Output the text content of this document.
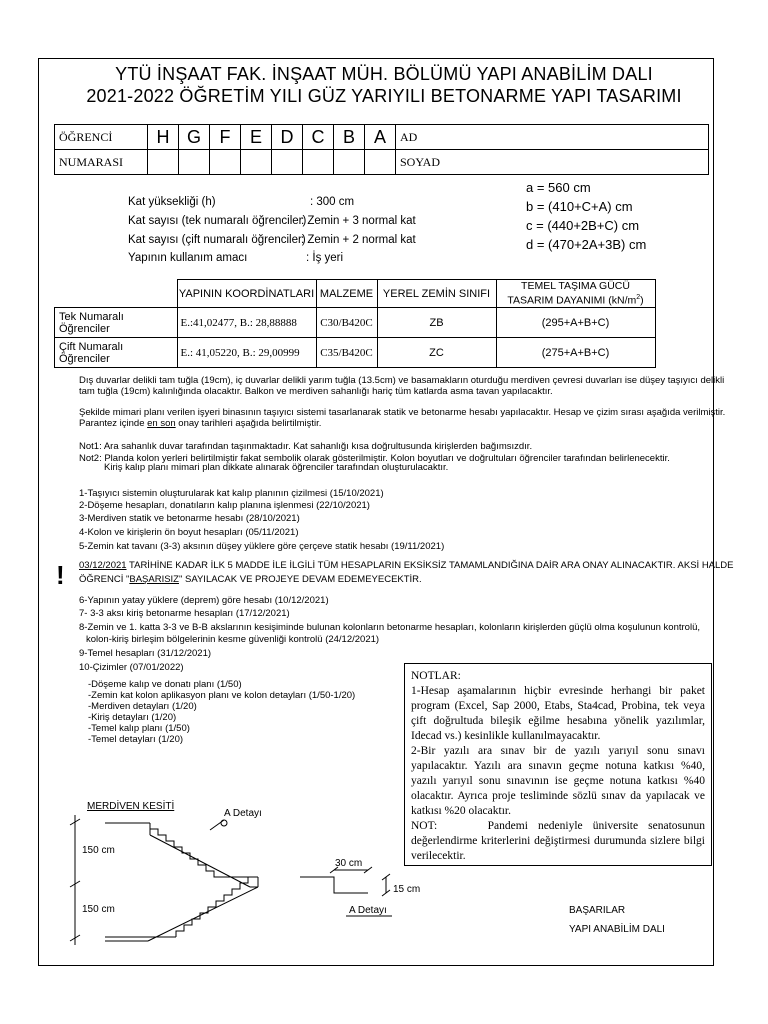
YTÜ İNŞAAT FAK. İNŞAAT MÜH. BÖLÜMÜ YAPI ANABİLİM DALI
2021-2022 ÖĞRETİM YILI GÜZ YARIYILI BETONARME YAPI TASARIMI
ÖĞRENCİ	H	G	F	E	D	C	B	A	AD
NUMARASI									SOYAD
Kat yüksekliği (h)	: 300 cm
Kat sayısı (tek numaralı öğrenciler)
: Zemin + 3 normal kat
Kat sayısı (çift numaralı öğrenciler)
: Zemin + 2 normal kat
Yapının kullanım amacı	: İş yeri
a = 560 cm
b = (410+C+A) cm
c = (440+2B+C) cm
d = (470+2A+3B) cm
	YAPININ KOORDİNATLARI	MALZEME	YEREL ZEMİN SINIFI	TEMEL TAŞIMA GÜCÜ
TASARIM DAYANIMI $(kN/m^2)$
Tek Numaralı Öğrenciler	E.:41,02477, B.: 28,88888	C30/B420C	ZB	(295+A+B+C)
Çift Numaralı Öğrenciler	E.: 41,05220, B.: 29,00999	C35/B420C	ZC	(275+A+B+C)
Dış duvarlar delikli tam tuğla (19cm), iç duvarlar delikli yarım tuğla (13.5cm) ve basamakların oturduğu merdiven çevresi duvarları ise düşey taşıyıcı delikli
tam tuğla (19cm) kalınlığında olacaktır. Balkon ve merdiven sahanlığı hariç tüm katlarda asma tavan yapılacaktır.
Şekilde mimari planı verilen işyeri binasının taşıyıcı sistemi tasarlanarak statik ve betonarme hesabı yapılacaktır. Hesap ve çizim sırası aşağıda verilmiştir.
Parantez içinde en son onay tarihleri aşağıda belirtilmiştir.
Not1: Ara sahanlık duvar tarafından taşınmaktadır. Kat sahanlığı kısa doğrultusunda kirişlerden bağımsızdır.
Not2: Planda kolon yerleri belirtilmiştir fakat sembolik olarak gösterilmiştir. Kolon boyutları ve doğrultuları öğrenciler tarafından belirlenecektir.
Kiriş kalıp planı mimari plan dikkate alınarak öğrenciler tarafından oluşturulacaktır.
1-Taşıyıcı sistemin oluşturularak kat kalıp planının çizilmesi (15/10/2021)
2-Döşeme hesapları, donatıların kalıp planına işlenmesi (22/10/2021)
3-Merdiven statik ve betonarme hesabı (28/10/2021)
4-Kolon ve kirişlerin ön boyut hesapları (05/11/2021)
5-Zemin kat tavanı (3-3) aksının düşey yüklere göre çerçeve statik hesabı (19/11/2021)
! 03/12/2021 TARİHİNE KADAR İLK 5 MADDE İLE İLGİLİ TÜM HESAPLARIN EKSİKSİZ TAMAMLANDIĞINA DAİR ARA ONAY ALINACAKTIR. AKSİ HALDE
ÖĞRENCİ "BAŞARISIZ" SAYILACAK VE PROJEYE DEVAM EDEMEYECEKTİR.
6-Yapının yatay yüklere (deprem) göre hesabı (10/12/2021)
7- 3-3 aksı kiriş betonarme hesapları (17/12/2021)
8-Zemin ve 1. katta 3-3 ve B-B akslarının kesişiminde bulunan kolonların betonarme hesapları, kolonların kirişlerden güçlü olma koşulunun kontrolü,
kolon-kiriş birleşim bölgelerinin kesme güvenliği kontrolü (24/12/2021)
9-Temel hesapları (31/12/2021)
10-Çizimler (07/01/2022)
-Döşeme kalıp ve donatı planı (1/50)
-Zemin kat kolon aplikasyon planı ve kolon detayları (1/50-1/20)
-Merdiven detayları (1/20)
-Kiriş detayları (1/20)
-Temel kalıp planı (1/50)
-Temel detayları (1/20)

NOTLAR:

1-Hesap aşamalarının hiçbir evresinde herhangi bir paket program (Excel, Sap 2000, Etabs, Sta4cad, Probina, tek veya çift doğrultuda bileşik eğilme hesabına yönelik yazılımlar, Idecad vs.) kesinlikle kullanılmayacaktır.

2-Bir yazılı ara sınav bir de yazılı yarıyıl sonu sınavı yapılacaktır. Yazılı ara sınavın geçme notuna katkısı %40, yazılı yarıyıl sonu sınavının ise geçme notuna katkısı %40 olacaktır. Ayrıca proje tesliminde sözlü sınav da yapılacak ve katkısı %20 olacaktır.

NOT:	Pandemi nedeniyle üniversite senatosunun değerlendirme kriterlerini değiştirmesi durumunda sizlere bilgi verilecektir.

MERDİVEN KESİTİ
A Detayı
150 cm
150 cm
30 cm
15 cm
A Detayı	BAŞARILAR
YAPI ANABİLİM DALI
